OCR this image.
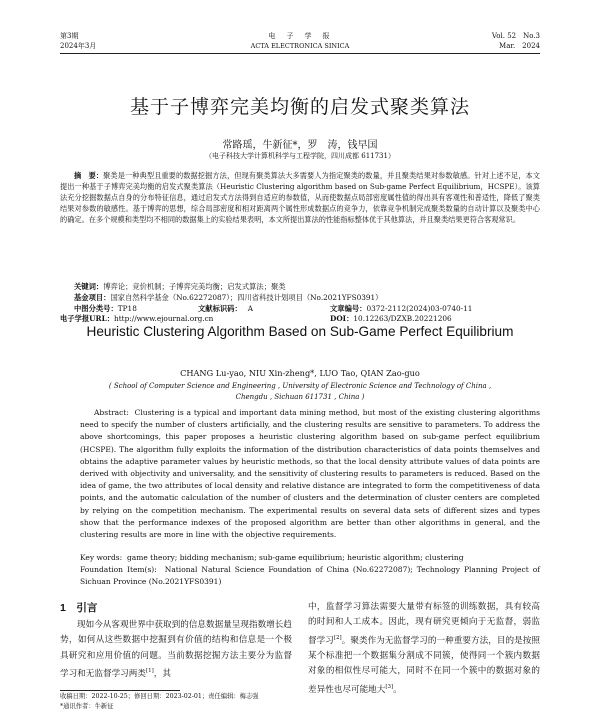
第3期
2024年3月
电　子　学　报
ACTA ELECTRONICA SINICA
Vol. 52　No.3
Mar.　2024
基于子博弈完美均衡的启发式聚类算法
常路瑶，牛新征*，罗　涛，钱早国
（电子科技大学计算机科学与工程学院，四川成都 611731）
摘　要：聚类是一种典型且重要的数据挖掘方法，但现有聚类算法大多需要人为指定聚类的数量，并且聚类结果对参数敏感。针对上述不足，本文提出一种基于子博弈完美均衡的启发式聚类算法（Heuristic Clustering algorithm based on Sub-game Perfect Equilibrium，HCSPE）。该算法充分挖掘数据点自身的分布特征信息，通过启发式方法得到自适应的参数值，从而使数据点局部密度属性值的得出具有客观性和普适性，降低了聚类结果对参数的敏感性。基于博弈的思想，综合局部密度和相对距离两个属性形成数据点的竞争力，依靠竞争机制完成聚类数量的自动计算以及聚类中心的确定。在多个规模和类型均不相同的数据集上的实验结果表明，本文所提出算法的性能指标整体优于其他算法，并且聚类结果更符合客观常识。
关键词：博弈论；竞价机制；子博弈完美均衡；启发式算法；聚类
基金项目：国家自然科学基金（No.62272087）；四川省科技计划项目（No.2021YFS0391）
中图分类号：TP18	文献标识码： A	文章编号：0372-2112(2024)03-0740-11
电子学报URL：http://www.ejournal.org.cn	DOI：10.12263/DZXB.20221206
Heuristic Clustering Algorithm Based on Sub-Game Perfect Equilibrium
CHANG Lu-yao, NIU Xin-zheng*, LUO Tao, QIAN Zao-guo
( School of Computer Science and Engineering , University of Electronic Science and Technology of China ,
Chengdu , Sichuan 611731 , China )
Abstract: Clustering is a typical and important data mining method, but most of the existing clustering algorithms need to specify the number of clusters artificially, and the clustering results are sensitive to parameters. To address the above shortcomings, this paper proposes a heuristic clustering algorithm based on sub-game perfect equilibrium (HCSPE). The algorithm fully exploits the information of the distribution characteristics of data points themselves and obtains the adaptive parameter values by heuristic methods, so that the local density attribute values of data points are derived with objectivity and universality, and the sensitivity of clustering results to parameters is reduced. Based on the idea of game, the two attributes of local density and relative distance are integrated to form the competitiveness of data points, and the automatic calculation of the number of clusters and the determination of cluster centers are completed by relying on the competition mechanism. The experimental results on several data sets of different sizes and types show that the performance indexes of the proposed algorithm are better than other algorithms in general, and the clustering results are more in line with the objective requirements.
Key words: game theory; bidding mechanism; sub-game equilibrium; heuristic algorithm; clustering
Foundation Item(s): National Natural Science Foundation of China (No.62272087); Technology Planning Project of Sichuan Province (No.2021YFS0391)
1　引言
现如今从客观世界中获取到的信息数据量呈现指数增长趋势，如何从这些数据中挖掘到有价值的结构和信息是一个极具研究和应用价值的问题。当前数据挖掘方法主要分为监督学习和无监督学习两类[1]，其
中，监督学习算法需要大量带有标签的训练数据，具有较高的时间和人工成本。因此，现有研究更倾向于无监督，弱监督学习[2]。聚类作为无监督学习的一种重要方法，目的是按照某个标准把一个数据集分割成不同簇，使得同一个簇内数据对象的相似性尽可能大，同时不在同一个簇中的数据对象的差异性也尽可能地大[3]。
收稿日期：2022-10-25；修回日期：2023-02-01；责任编辑：梅志强
*通讯作者：牛新征
